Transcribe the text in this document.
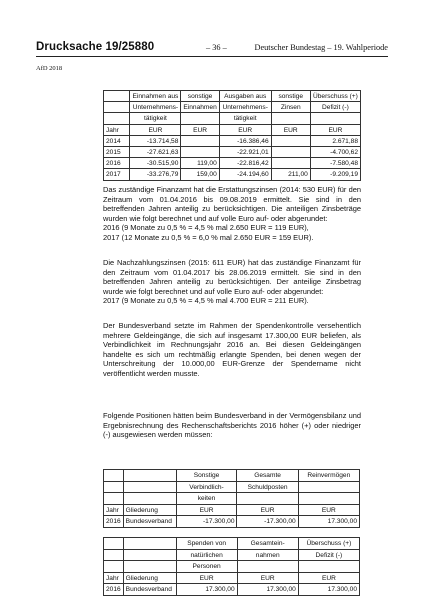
Drucksache 19/25880	– 36 –	Deutscher Bundestag – 19. Wahlperiode
AfD 2018
	Einnahmen aus	sonstige	Ausgaben aus	sonstige	Überschuss (+)
	Unternehmens-	Einnahmen	Unternehmens-	Zinsen	Defizit (-)
	tätigkeit		tätigkeit		
Jahr	EUR	EUR	EUR	EUR	EUR
2014	-13.714,58		-16.386,46		2.671,88
2015	-27.621,63		-22.921,01		-4.700,62
2016	-30.515,90	119,00	-22.816,42		-7.580,48
2017	-33.276,79	159,00	-24.194,60	211,00	-9.209,19
Das zuständige Finanzamt hat die Erstattungszinsen (2014: 530 EUR) für den Zeitraum vom 01.04.2016 bis 09.08.2019 ermittelt. Sie sind in den betreffenden Jahren anteilig zu berücksichtigen. Die anteiligen Zinsbeträge wurden wie folgt berechnet und auf volle Euro auf- oder abgerundet:
2016 (9 Monate zu 0,5 % = 4,5 % mal 2.650 EUR = 119 EUR),
2017 (12 Monate zu 0,5 % = 6,0 % mal 2.650 EUR = 159 EUR).
Die Nachzahlungszinsen (2015: 611 EUR) hat das zuständige Finanzamt für den Zeitraum vom 01.04.2017 bis 28.06.2019 ermittelt. Sie sind in den betreffenden Jahren anteilig zu berücksichtigen. Der anteilige Zinsbetrag wurde wie folgt berechnet und auf volle Euro auf- oder abgerundet:
2017 (9 Monate zu 0,5 % = 4,5 % mal 4.700 EUR = 211 EUR).
Der Bundesverband setzte im Rahmen der Spendenkontrolle versehentlich mehrere Geldeingänge, die sich auf insgesamt 17.300,00 EUR beliefen, als Verbindlichkeit im Rechnungsjahr 2016 an. Bei diesen Geldeingängen handelte es sich um rechtmäßig erlangte Spenden, bei denen wegen der Unterschreitung der 10.000,00 EUR-Grenze der Spendername nicht veröffentlicht werden musste.
Folgende Positionen hätten beim Bundesverband in der Vermögensbilanz und Ergebnisrechnung des Rechenschaftsberichts 2016 höher (+) oder niedriger (-) ausgewiesen werden müssen:
		Sonstige	Gesamte	Reinvermögen
		Verbindlich-	Schuldposten	
		keiten		
Jahr	Gliederung	EUR	EUR	EUR
2016	Bundesverband	-17.300,00	-17.300,00	17.300,00
		Spenden von	Gesamtein-	Überschuss (+)
		natürlichen	nahmen	Defizit (-)
		Personen		
Jahr	Gliederung	EUR	EUR	EUR
2016	Bundesverband	17.300,00	17.300,00	17.300,00
